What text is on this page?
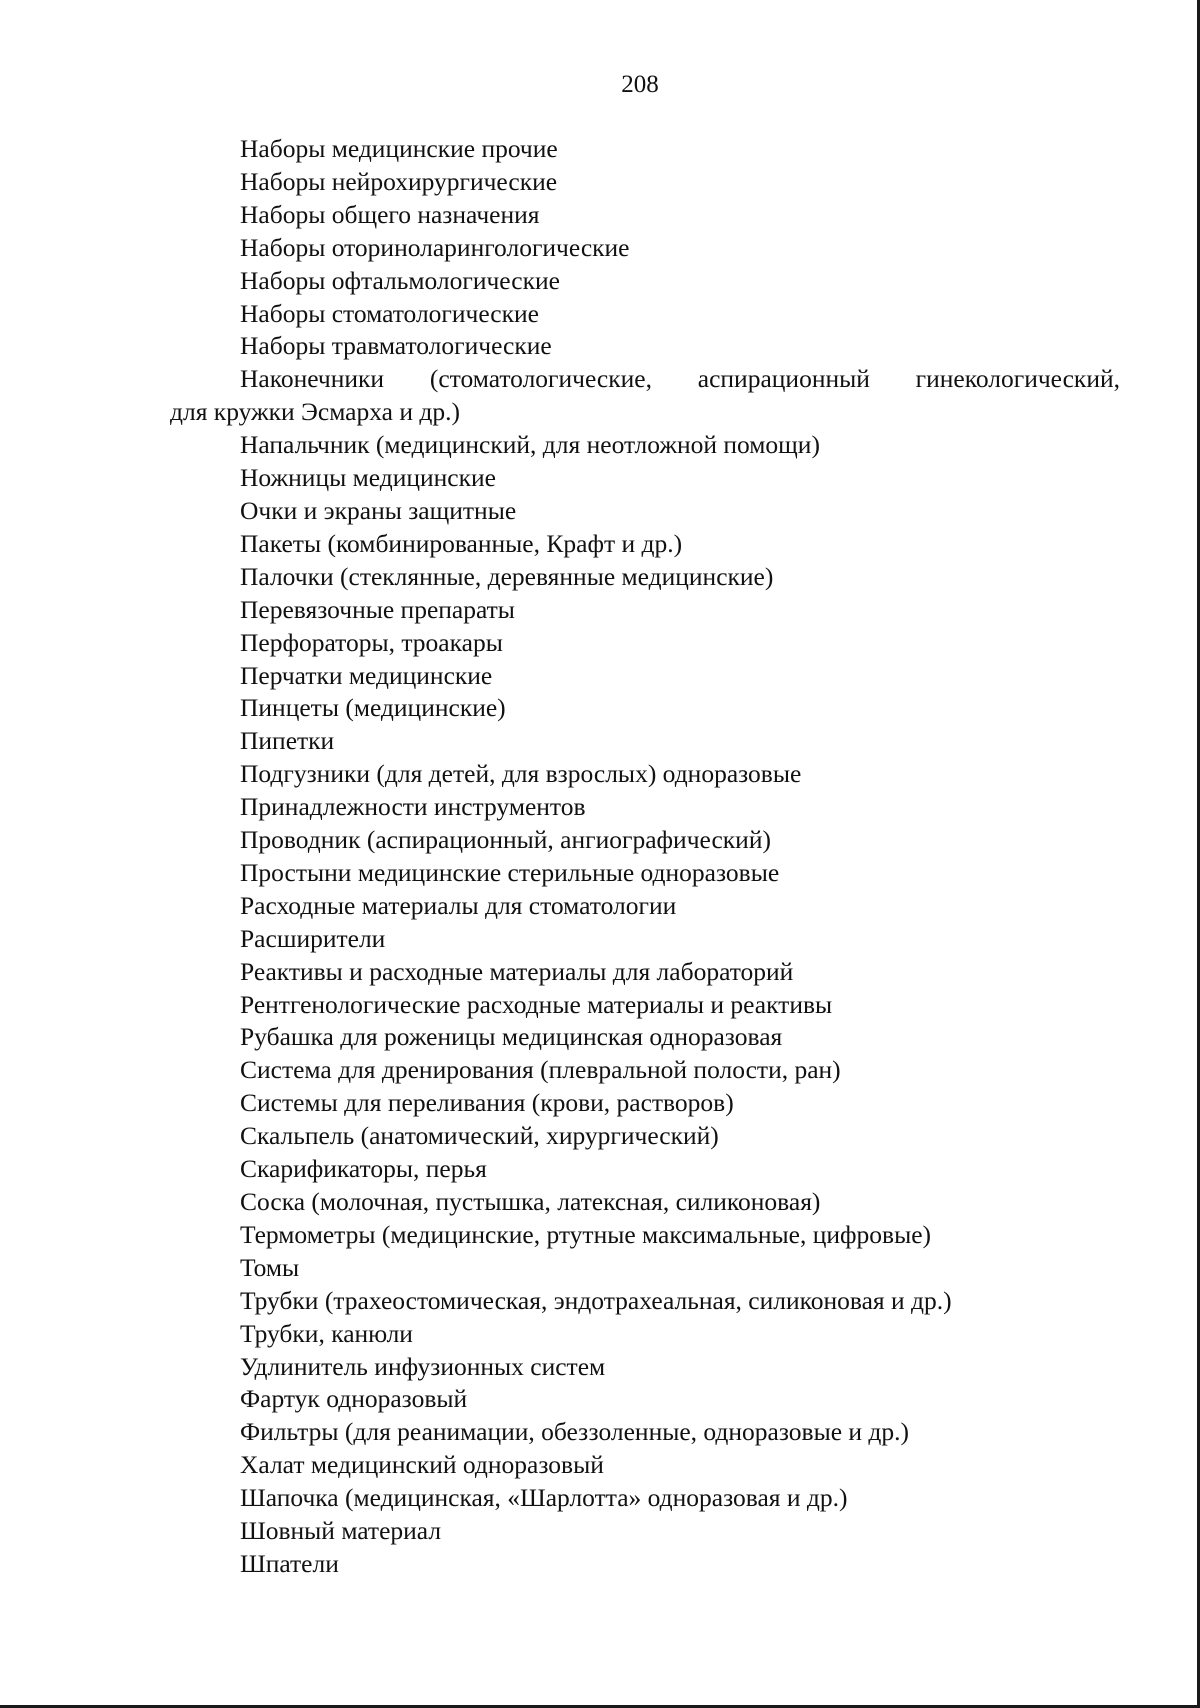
208
Наборы медицинские прочие
Наборы нейрохирургические
Наборы общего назначения
Наборы оториноларингологические
Наборы офтальмологические
Наборы стоматологические
Наборы травматологические
Наконечники (стоматологические, аспирационный гинекологический,
для кружки Эсмарха и др.)
Напальчник (медицинский, для неотложной помощи)
Ножницы медицинские
Очки и экраны защитные
Пакеты (комбинированные, Крафт и др.)
Палочки (стеклянные, деревянные медицинские)
Перевязочные препараты
Перфораторы, троакары
Перчатки медицинские
Пинцеты (медицинские)
Пипетки
Подгузники (для детей, для взрослых) одноразовые
Принадлежности инструментов
Проводник (аспирационный, ангиографический)
Простыни медицинские стерильные одноразовые
Расходные материалы для стоматологии
Расширители
Реактивы и расходные материалы для лабораторий
Рентгенологические расходные материалы и реактивы
Рубашка для роженицы медицинская одноразовая
Система для дренирования (плевральной полости, ран)
Системы для переливания (крови, растворов)
Скальпель (анатомический, хирургический)
Скарификаторы, перья
Соска (молочная, пустышка, латексная, силиконовая)
Термометры (медицинские, ртутные максимальные, цифровые)
Томы
Трубки (трахеостомическая, эндотрахеальная, силиконовая и др.)
Трубки, канюли
Удлинитель инфузионных систем
Фартук одноразовый
Фильтры (для реанимации, обеззоленные, одноразовые и др.)
Халат медицинский одноразовый
Шапочка (медицинская, «Шарлотта» одноразовая и др.)
Шовный материал
Шпатели
